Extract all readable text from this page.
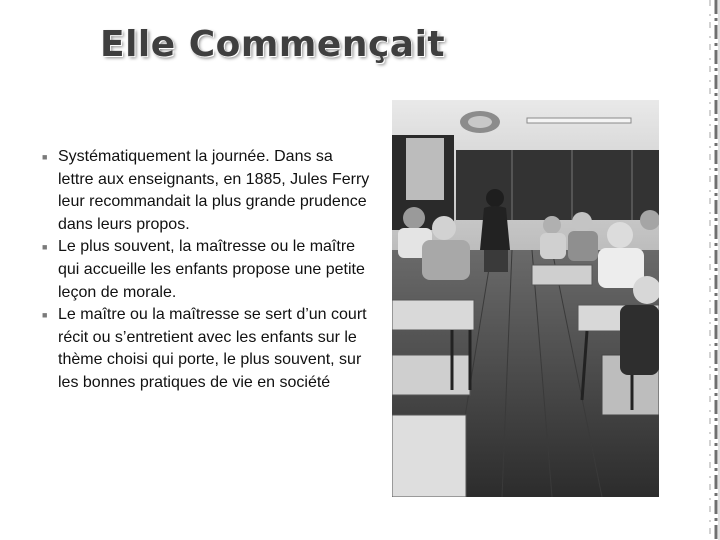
Elle Commençait
■ Systématiquement la journée. Dans sa lettre aux enseignants, en 1885, Jules Ferry leur recommandait la plus grande prudence dans leurs propos.
■ Le plus souvent, la maîtresse ou le maître qui accueille les enfants propose une petite leçon de morale.
■ Le maître ou la maîtresse se sert d’un court récit ou s’entretient avec les enfants sur le thème choisi qui porte, le plus souvent, sur les bonnes pratiques de vie en société
